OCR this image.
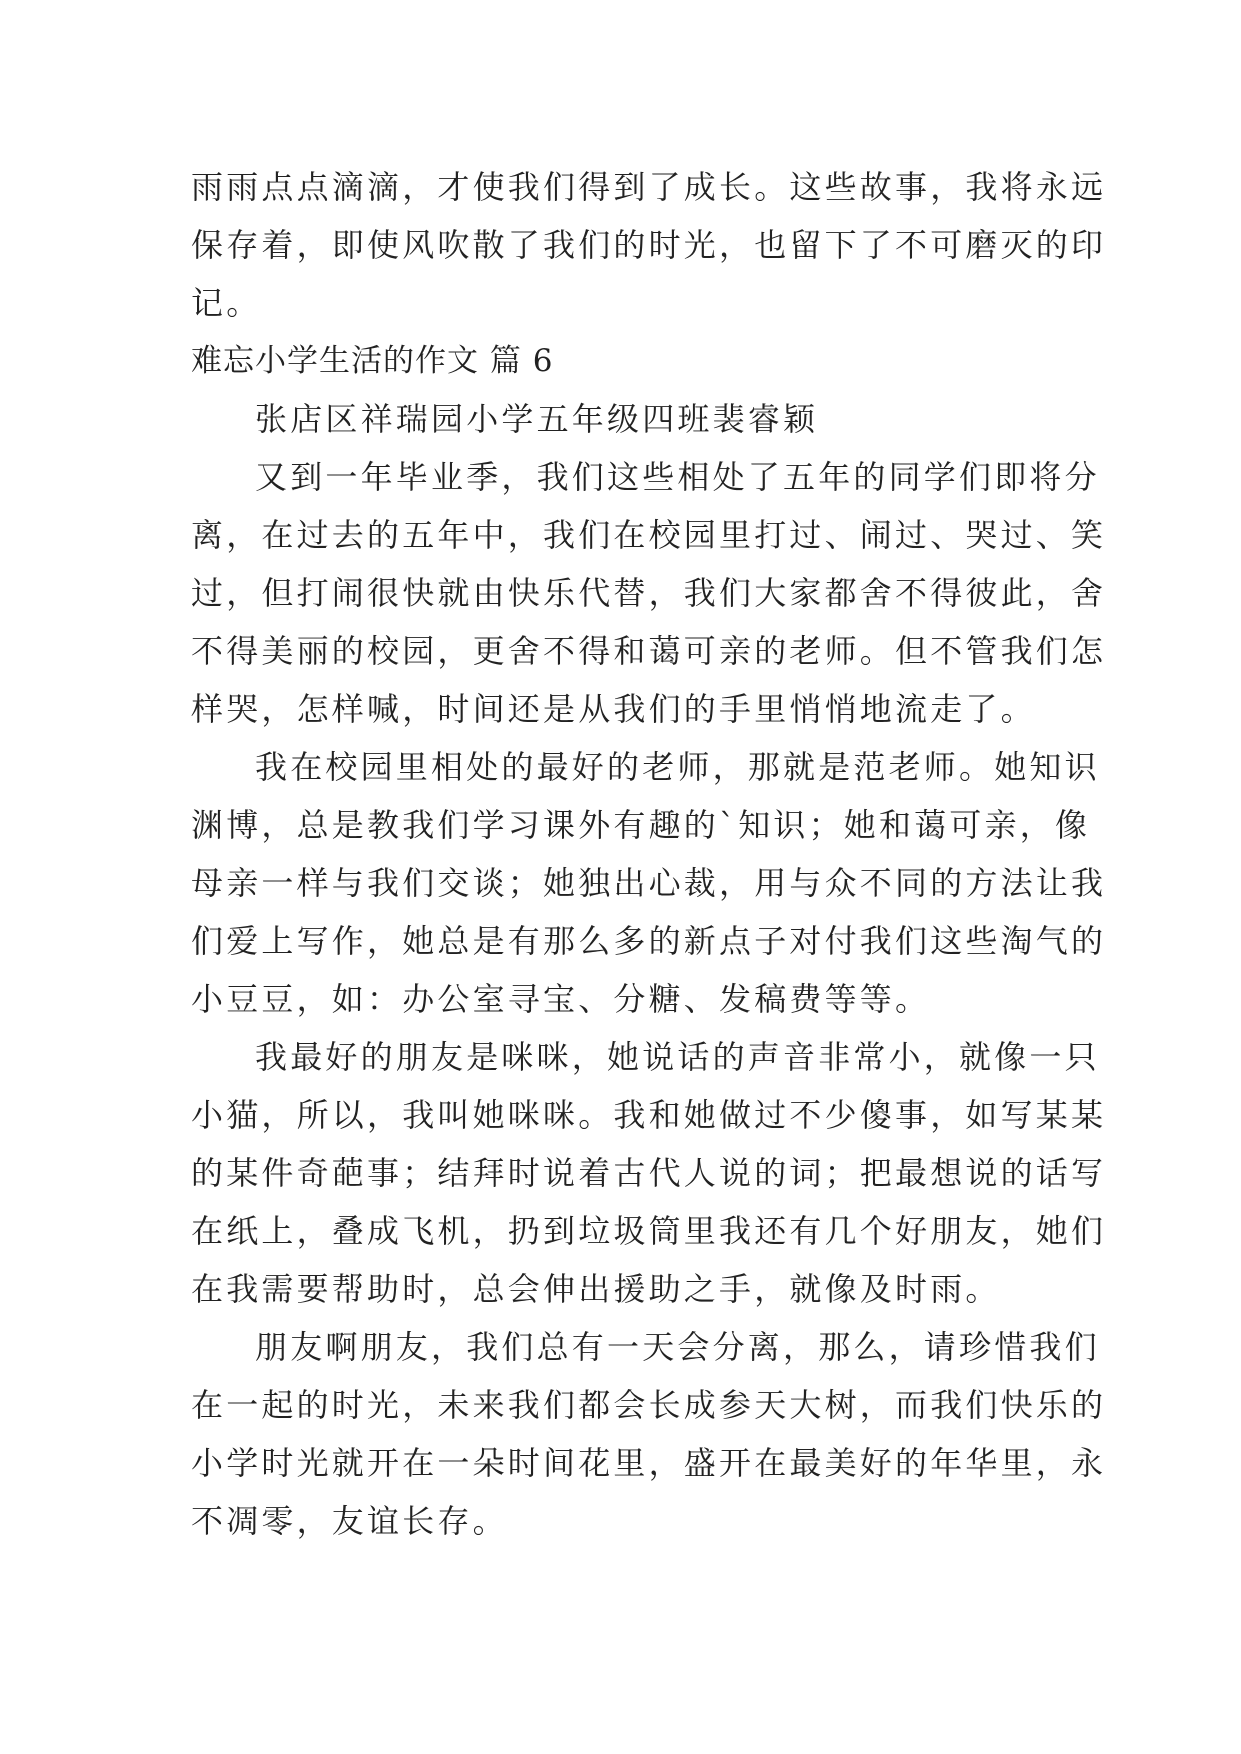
雨雨点点滴滴，才使我们得到了成长。这些故事，我将永远
保存着，即使风吹散了我们的时光，也留下了不可磨灭的印
记。
难忘小学生活的作文 篇 6
张店区祥瑞园小学五年级四班裴睿颖
又到一年毕业季，我们这些相处了五年的同学们即将分
离，在过去的五年中，我们在校园里打过、闹过、哭过、笑
过，但打闹很快就由快乐代替，我们大家都舍不得彼此，舍
不得美丽的校园，更舍不得和蔼可亲的老师。但不管我们怎
样哭，怎样喊，时间还是从我们的手里悄悄地流走了。
我在校园里相处的最好的老师，那就是范老师。她知识
渊博，总是教我们学习课外有趣的`知识；她和蔼可亲，像
母亲一样与我们交谈；她独出心裁，用与众不同的方法让我
们爱上写作，她总是有那么多的新点子对付我们这些淘气的
小豆豆，如：办公室寻宝、分糖、发稿费等等。
我最好的朋友是咪咪，她说话的声音非常小，就像一只
小猫，所以，我叫她咪咪。我和她做过不少傻事，如写某某
的某件奇葩事；结拜时说着古代人说的词；把最想说的话写
在纸上，叠成飞机，扔到垃圾筒里我还有几个好朋友，她们
在我需要帮助时，总会伸出援助之手，就像及时雨。
朋友啊朋友，我们总有一天会分离，那么，请珍惜我们
在一起的时光，未来我们都会长成参天大树，而我们快乐的
小学时光就开在一朵时间花里，盛开在最美好的年华里，永
不凋零，友谊长存。
